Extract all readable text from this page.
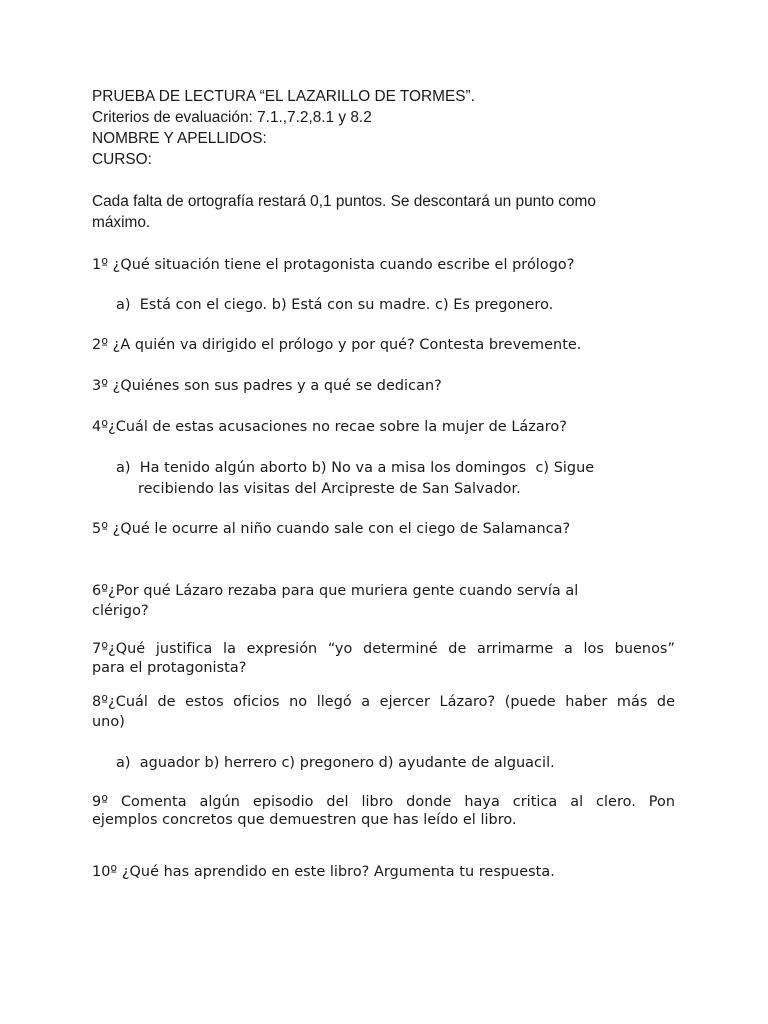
PRUEBA DE LECTURA “EL LAZARILLO DE TORMES”.
Criterios de evaluación: 7.1.,7.2,8.1 y 8.2
NOMBRE Y APELLIDOS:
CURSO:
Cada falta de ortografía restará 0,1 puntos. Se descontará un punto como
máximo.
1º ¿Qué situación tiene el protagonista cuando escribe el prólogo?
a)  Está con el ciego. b) Está con su madre. c) Es pregonero.
2º ¿A quién va dirigido el prólogo y por qué? Contesta brevemente.
3º ¿Quiénes son sus padres y a qué se dedican?
4º¿Cuál de estas acusaciones no recae sobre la mujer de Lázaro?
a)  Ha tenido algún aborto b) No va a misa los domingos  c) Sigue
recibiendo las visitas del Arcipreste de San Salvador.
5º ¿Qué le ocurre al niño cuando sale con el ciego de Salamanca?
6º¿Por qué Lázaro rezaba para que muriera gente cuando servía al
clérigo?
7º¿Qué justifica la expresión “yo determiné de arrimarme a los buenos”
para el protagonista?
8º¿Cuál de estos oficios no llegó a ejercer Lázaro? (puede haber más de
uno)
a)  aguador b) herrero c) pregonero d) ayudante de alguacil.
9º Comenta algún episodio del libro donde haya critica al clero. Pon
ejemplos concretos que demuestren que has leído el libro.
10º ¿Qué has aprendido en este libro? Argumenta tu respuesta.
